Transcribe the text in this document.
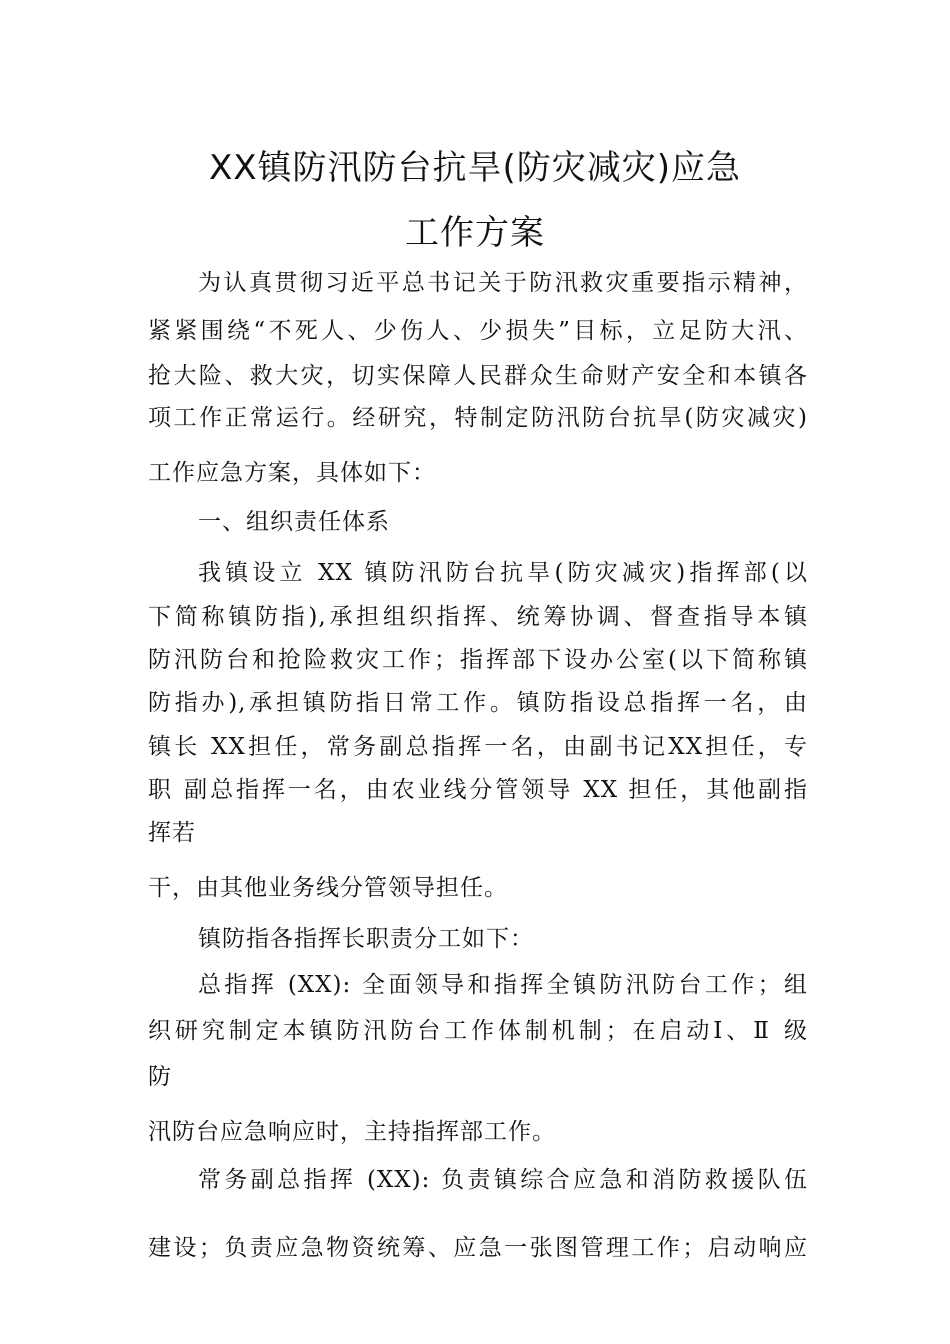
XX镇防汛防台抗旱(防灾减灾)应急
工作方案
为认真贯彻习近平总书记关于防汛救灾重要指示精神，
紧紧围绕“不死人、少伤人、少损失”目标，立足防大汛、
抢大险、救大灾，切实保障人民群众生命财产安全和本镇各
项工作正常运行。经研究，特制定防汛防台抗旱(防灾减灾)
工作应急方案，具体如下：
一、组织责任体系
我镇设立 XX 镇防汛防台抗旱(防灾减灾)指挥部(以
下简称镇防指),承担组织指挥、统筹协调、督查指导本镇
防汛防台和抢险救灾工作；指挥部下设办公室(以下简称镇
防指办),承担镇防指日常工作。镇防指设总指挥一名，由
镇长 XX担任，常务副总指挥一名，由副书记XX担任，专
职 副总指挥一名，由农业线分管领导 XX 担任，其他副指
挥若
干，由其他业务线分管领导担任。
镇防指各指挥长职责分工如下：
总指挥 (XX): 全面领导和指挥全镇防汛防台工作；组
织研究制定本镇防汛防台工作体制机制；在启动Ⅰ、Ⅱ 级
防
汛防台应急响应时，主持指挥部工作。
常务副总指挥 (XX): 负责镇综合应急和消防救援队伍
建设；负责应急物资统筹、应急一张图管理工作；启动响应
